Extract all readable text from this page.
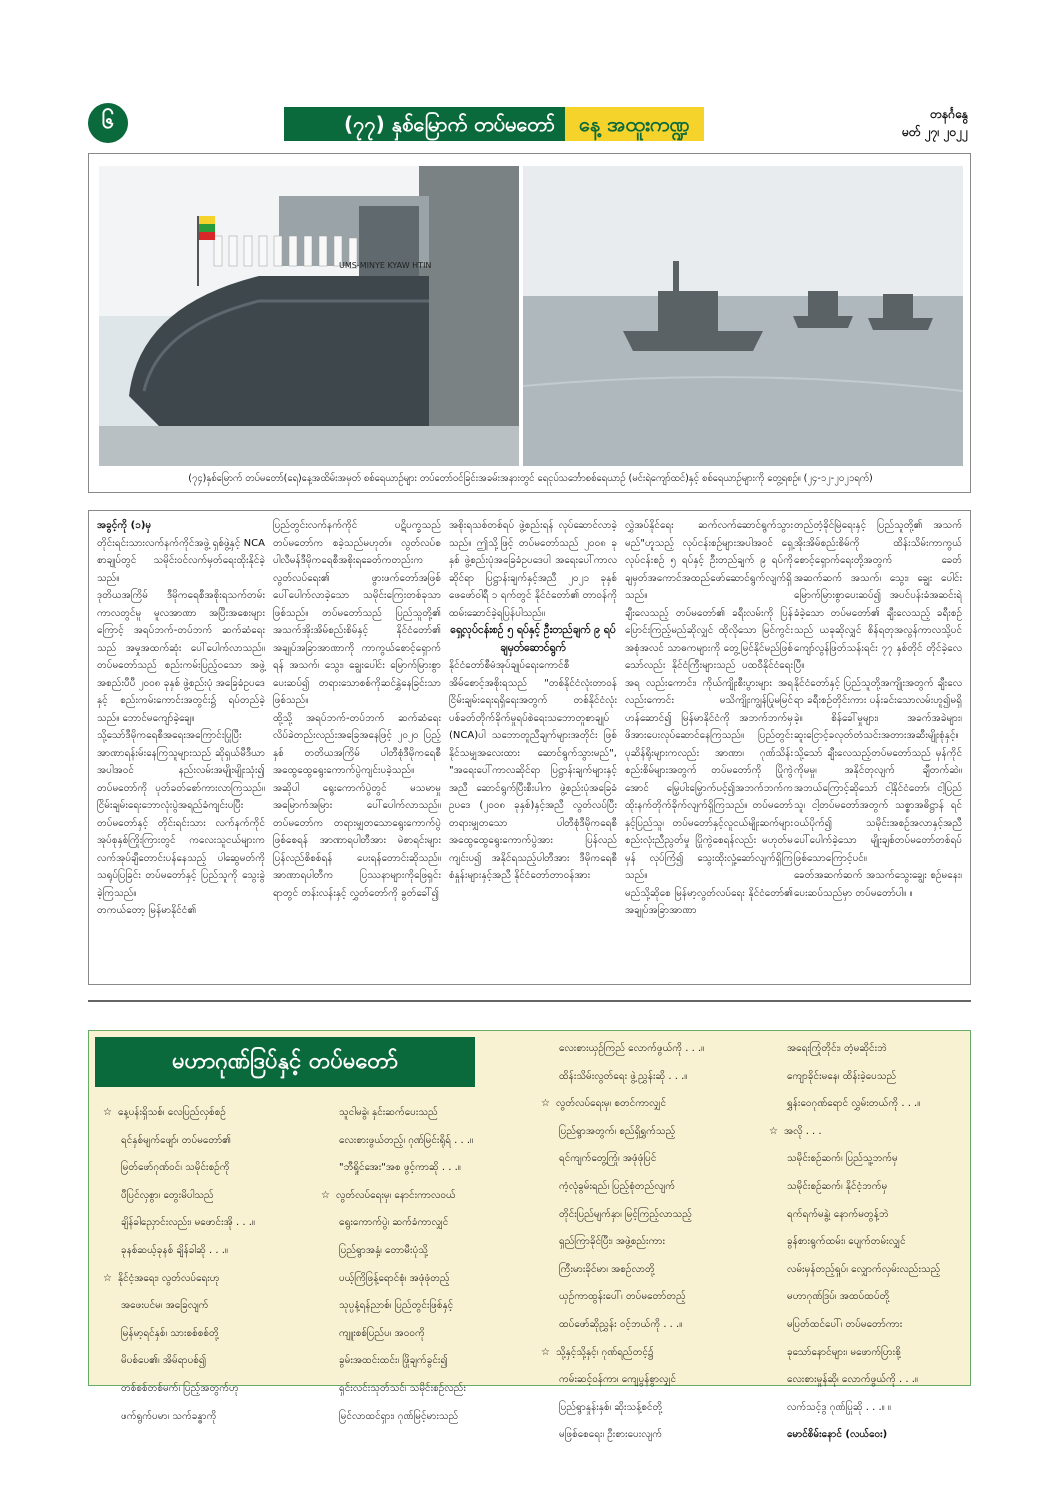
၆	(၇၇) နှစ်မြောက် တပ်မတော်	နေ့ အထူးကဏ္ဍ	တနင်္ဂနွေ
မတ် ၂၇၊ ၂၀၂၂
UMS-MINYE KYAW HTIN
(၇၄)နှစ်မြောက် တပ်မတော်(ရေ)နေ့အထိမ်းအမှတ် စစ်ရေယာဉ်များ တပ်တော်ဝင်ခြင်းအခမ်းအနားတွင် ရေငုပ်သင်္ဘောစစ်ရေယာဉ် (မင်းရဲကျော်ထင်)နှင့် စစ်ရေယာဉ်များကို တွေ့ရစဉ်။ (၂၄-၁၂-၂၀၂၁ရက်)

အခွင့်ကို (၁)မှ

တိုင်းရင်းသားလက်နက်ကိုင်အဖွဲ့ ရှစ်ဖွဲ့နှင့် NCA စာချုပ်တွင် သမိုင်းဝင်လက်မှတ်ရေးထိုးနိုင်ခဲ့သည်။

ဒုတိယအကြိမ် ဒီမိုကရေစီအစိုးရသက်တမ်းကာလတွင်မူ မူလအာဏာ အပြီးအစေးများကြောင့် အရပ်ဘက်-တပ်ဘက် ဆက်ဆံရေးသည် အမှုအထက်ဆုံး ပေါ်ပေါက်လာသည်။ တပ်မတော်သည် စည်းကမ်းပြည့်ဝသော အဖွဲ့အစည်းပီပီ ၂၀၀၈ ခုနှစ် ဖွဲ့စည်းပုံ အခြေခံဥပဒေနှင့် စည်းကမ်းကောင်းအတွင်း၌ ရပ်တည်ခဲ့သည်။ ဘောင်မကျော်ခဲ့ချေ။

သို့သော်ဒီမိုကရေစီအရေးအကြောင်းပြုပြီး အာဏာရန်းမ်းနေကြသူများသည် ဆိုရှယ်မီဒီယာအပါအဝင် နည်းလမ်းအမျိုးမျိုးသုံး၍ တပ်မတော်ကို ပုတ်ခတ်စော်ကားလာကြသည်။ ငြိမ်းချမ်းရေးဘောလုံးပွဲအရည်ခံကျင်းပပြီး တပ်မတော်နှင့် တိုင်းရင်းသား လက်နက်ကိုင်အုပ်စုနှစ်ကြိုးကြားတွင် ကလေးသူငယ်များက လက်အုပ်ချီတောင်းပန်နေသည့် ပါဆွေမတ်ကို သရုပ်ပြခြင်း တပ်မတော်နှင့် ပြည်သူကို သွေးခွဲခဲ့ကြသည်။

တကယ်တော့ မြန်မာနိုင်ငံ၏

ပြည်တွင်းလက်နက်ကိုင် ပဋိပက္ခသည် တပ်မတော်က စခဲ့သည်မဟုတ်။ လွတ်လပ်စ ပါလီမန်ဒီမိုကရေစီအစိုးရခေတ်ကတည်းက လွတ်လပ်ရေး၏ ဖွားဖက်တော်အဖြစ် ပေါ်ပေါက်လာခဲ့သော သမိုင်းကြေးတစ်ခုသာဖြစ်သည်။ တပ်မတော်သည် ပြည်သူတို့၏ အသက်အိုးအိမ်စည်းစိမ်နှင့် နိုင်ငံတော်၏ အချုပ်အခြာအာဏာကို ကာကွယ်စောင့်ရှောက်ရန် အသက်၊ သွေး၊ ချွေးပေါင်း မြောက်မြားစွာပေးဆပ်၍ တရားသောစစ်ကိုဆင်နွှဲနေခြင်းသာဖြစ်သည်။

ထို့သို့ အရပ်ဘက်-တပ်ဘက် ဆက်ဆံရေး လိပ်ခဲတည်းလည်းအခြေအနေဖြင့် ၂၀၂၀ ပြည့်နှစ် တတိယအကြိမ် ပါတီစုံဒီမိုကရေစီအထွေထွေရွေးကောက်ပွဲကျင်းပခဲ့သည်။ အဆိုပါ ရွေးကောက်ပွဲတွင် မသမာမှုအမြောက်အမြား ပေါ်ပေါက်လာသည်။ တပ်မတော်က တရားမျှတသောရွေးကောက်ပွဲဖြစ်စေရန် အာဏာရပါတီအား မဲစာရင်းများပြန်လည်စိစစ်ရန် ပေးရန်တောင်းဆိုသည်။ အာဏာရပါတီက ပြဿနာများကိုဖြေရှင်းရာတွင် တန်းလန်းနှင့် လွှတ်တော်ကို ခွတ်ခေါ်၍

အစိုးရသစ်တစ်ရပ် ဖွဲ့စည်းရန် လုပ်ဆောင်လာခဲ့သည်။ ဤသို့ဖြင့် တပ်မတော်သည် ၂၀၀၈ ခုနှစ် ဖွဲ့စည်းပုံအခြေခံဥပဒေပါ အရေးပေါ်ကာလဆိုင်ရာ ပြဋ္ဌာန်းချက်နှင့်အညီ ၂၀၂၁ ခုနှစ် ဖေဖော်ဝါရီ ၁ ရက်တွင် နိုင်ငံတော်၏ တာဝန်ကို ထမ်းဆောင်ခဲ့ရပြန်ပါသည်။

ရှေ့လုပ်ငန်းစဉ် ၅ ရပ်နှင့် ဦးတည်ချက် ၉ ရပ် ချမှတ်ဆောင်ရွက်

နိုင်ငံတော်စီမံအုပ်ချုပ်ရေးကောင်စီ အိမ်စောင့်အစိုးရသည် "တစ်နိုင်ငံလုံးတာဝန် ငြိမ်းချမ်းရေးရရှိရေးအတွက် တစ်နိုင်ငံလုံး ပစ်ခတ်တိုက်ခိုက်မှုရပ်စဲရေးသဘောတူစာချုပ် (NCA)ပါ သဘောတူညီချက်များအတိုင်း ဖြစ်နိုင်သမျှအလေးထား ဆောင်ရွက်သွားမည်", "အရေးပေါ်ကာလဆိုင်ရာ ပြဋ္ဌာန်းချက်များနှင့်အညီ ဆောင်ရွက်ပြီးစီးပါက ဖွဲ့စည်းပုံအခြေခံဥပဒေ (၂၀၀၈ ခုနှစ်)နှင့်အညီ လွတ်လပ်ပြီး တရားမျှတသော ပါတီစုံဒီမိုကရေစီ အထွေထွေရွေးကောက်ပွဲအား ပြန်လည်ကျင်းပ၍ အနိုင်ရသည့်ပါတီအား ဒီမိုကရေစီစံနှုန်းများနှင့်အညီ နိုင်ငံတော်တာဝန်အား

လွှဲအပ်နိုင်ရေး ဆက်လက်ဆောင်ရွက်သွားမည်"ဟူသည့် လုပ်ငန်းစဉ်များအပါအဝင် ရှေ့လုပ်ငန်းစဉ် ၅ ရပ်နှင့် ဦးတည်ချက် ၉ ရပ်ကို ချမှတ်အကောင်အထည်ဖော်ဆောင်ရွက်လျက်ရှိသည်။

ချီးလေသည့် တပ်မတော်၏ ခရီးလမ်းကို ပြန်ပြောင်းကြည့်မည်ဆိုလျှင် ထိုလိုသော မြင်ကွင်းအစုံအလင် သာဓကများကို တွေ့မြင်နိုင်မည်ဖြစ်သော်လည်း နိုင်ငံကြီးများသည် ပထဝီနိုင်ငံရေးအရ လည်းကောင်း၊ ကိုယ်ကျိုးစီးပွားများ အရလည်းကောင်း မသိကျိုးကျွန်ပြုမမြင်ဟန်ဆောင်၍ မြန်မာနိုင်ငံကို အဘက်ဘက်မှ ဖိအားပေးလုပ်ဆောင်နေကြသည်။ ပြည်တွင်းပုဆိန်ရိုးများကလည်း အာဏာ၊ ဂုဏ်သိန်းစည်းစိမ်များအတွက် တပ်မတော်ကို ပြိုကွဲအောင် မြှေပါးမြှောက်ပင့်၍အဘက်ဘက်က ထိုးနက်တိုက်ခိုက်လျက်ရှိကြသည်။ တပ်မတော်နှင့်ပြည်သူ၊ တပ်မတော်နှင့်လူငယ်မျိုးဆက်များ စည်းလုံးညီညွတ်မှု ပြိုကွဲစေရန်လည်း မဟုတ်မမှန် လုပ်ကြံ၍ သွေးထိုးလှုံ့ဆော်လျက်ရှိကြသည်။

မည်သို့ဆိုစေ မြန်မာ့လွတ်လပ်ရေး နိုင်ငံတော်၏ အချုပ်အခြာအာဏာ

တည်တံ့ခိုင်မြဲရေးနှင့် ပြည်သူတို့၏ အသက်အိုးအိမ်စည်းစိမ်ကို ထိန်းသိမ်းကာကွယ်စောင့်ရှောက်ရေးတို့အတွက် ခေတ်အဆက်ဆက် အသက်၊ သွေး၊ ချွေး ပေါင်း မြောက်မြားစွာပေးဆပ်၍ အပင်ပန်းခံအဆင်းရဲခံခဲ့သော တပ်မတော်၏ ချီးလေသည့် ခရီးစဉ်သည် ယခုဆိုလျှင် စိန်ရတုအလွန်ကာလသို့ပင် ကျော်လွန်ဖြတ်သန်းရင်း ၇၇ နှစ်တိုင် တိုင်ခဲ့လေပြီ။

နိုင်ငံတော်နှင့် ပြည်သူတို့အကျိုးအတွက် ချီးလေရာ ခရီးစဉ်တိုင်းကား ပန်းခင်းသောလမ်းဟူ၍မရှိခဲ့။ စိန်ခေါ်မှုများ၊ အခက်အခဲများ၊ ဆူးငြောင့်ခလုတ်တံသင်းအတားအဆီးမျိုးစုံနှင့်။ သို့သော် ချီးလေသည့်တပ်မတော်သည် မှန်ကိုင်ကိုမမှု၊ အနိုင်တုလျက် ချီတက်ဆဲ။ အဘယ်ကြောင့်ဆိုသော် ငါ့နိုင်ငံတော်၊ ငါ့ပြည်သူ၊ ငါ့တပ်မတော်အတွက် သစ္စာအဓိဋ္ဌာန် ရင်ဝယ်ပိုက်၍ သမိုင်းအစဉ်အလာနှင့်အညီ ပေါ်ပေါက်ခဲ့သော မျိုးချစ်တပ်မတော်တစ်ရပ် ဖြစ်သောကြောင့်ပင်။

ခေတ်အဆက်ဆက် အသက်သွေးချွေး စဉ်မနေး၊ ပေးဆပ်သည်မှာ တပ်မတော်ပါ။ ။

မဟာဂုဏ်ဒြပ်နှင့် တပ်မတော်
☆ နေ့ပန်းရှိသစ်၊ လေပြည်လှစ်စဉ်
ရင်နှစ်မျက်ဖျော်၊ တပ်မတော်၏
မြတ်ဖော်ဂုဏ်ဝင်၊ သမိုင်းစဉ်ကို
ပီပြင်လှစွာ၊ တွေးမိပါသည်
ချိန်ခါညှောင်းလည်း၊ မဖောင်းအို . . .။
ခုနစ်ဆယ့်ခုနစ် ချိန်ခါဆို . . .။
☆ နိုင်ငံ့အရေး၊ လွတ်လပ်ရေးဟု
အဖေးပင်မ၊ အခြေလျက်
မြန်မာ့ရင်နှစ်၊ သားစစ်စစ်တို့
မိပစ်ပေ၏၊ အိမ်ရာပစ်၍
တစ်စစ်တစ်မက်၊ ပြည့်အတွက်ဟု
ဖက်ရွက်ပမာ၊ သက်ခန္ဓာကို
သူငါမခွဲ၊ နှင်းဆက်ပေးသည်
လေးစားဖွယ်တည့်၊ ဂုဏ်မြင်းရိုရ် . . .။
"ဘီရှိုင်အေး"အစ ဖွင့်ကာဆို . . .။
☆ လွတ်လပ်ရေးမှ၊ နောင်းကာလဝယ်
ရွေးကောက်ပွဲ၊ ဆက်ခံကာလျှင်
ပြည်ရွာအနှံ့၊ တောမီးပုံသို့
ပယ့်ကြိဖြန့်ရောင်စုံ၊ အဖုံဖုံတည့်
သုပ္ပနံ့ရန်ညာစ်၊ ပြည်တွင်းဖြစ်နှင့်
ကျူးစစ်ပြည်ပ၊ အဝဝကို
ခွမ်းအထင်းထင်း၊ ဖြိုချက်ခွင်း၍
ရှင်းလင်းသုတ်သင်၊ သမိုင်းစဉ်လည်း
မြင်လာထင်ရှား၊ ဂုဏ်မြင့်မားသည်
လေးစားယှဉ်ကြည် လောက်ဖွယ်ကို . . .။
ထိန်းသိမ်းလွတ်ရေး ဖွဲ့ညွှန်းဆို . . .။
☆ လွတ်လပ်ရေးမှ၊ စတင်ကာလျှင်
ပြည်ရွာအတွက်၊ စည်ရှိရွှက်သည့်
ရင်ကျက်တွေ့ကြုံ၊ အဖုံဖုံပြင်
ကံ့လုံခွမ်းရည်၊ ပြည့်စုံတည်လျက်
တိုင်းပြည်မျက်နှာ၊ မြင့်ကြည့်လာသည့်
ရှည်ကြာခိုင်ပြီး၊ အဖွဲ့စည်းကား
ကြီးမားခိုင်မာ၊ အစဉ်လာတို့
ယှဉ်ကာထွန်းပေါ်၊ တပ်မတော်တည့်
ထပ်ဖော်ဆိုညွှန်း ဝင့်ဘယ်ကို . . .။
☆ သို့နှင့်သို့နှင့်၊ ဂုဏ်ရည်တင့်၌
ကမ်းဆင့်ဝန်ကာ၊ ကျေပွန်စွာလျှင်
ပြည်ရွာနှုန်းနှစ်၊ ဆိုးသန့်စင်တို့
မဖြစ်စေရေး၊ ဦးစားပေးလျက်
အရေးကြုံတိုင်း၊ တံ့မဆိုင်းဘဲ
ကျောခိုင်းမနေ၊ ထိန်းခဲ့ပေသည်
ရွှန်းဝေဂုဏ်ရောင် လွှမ်းတယ်ကို . . .။
☆ အလို . . .
သမိုင်းစဉ်ဆက်၊ ပြည်သူ့ဘက်မှ
သမိုင်းစဉ်ဆက်၊ နိုင်ငံ့ဘက်မှ
ရက်ရက်မနွဲ့၊ နောက်မတွန့်ဘဲ
ခွန်စားရွက်ထမ်း၊ ပျေက်တမ်းလျှင်
လမ်းမှန်တည့်ရှုပ်၊ လျှောက်လှမ်းလည်းသည့်
မဟာဂုဏ်ဒြပ်၊ အထပ်ထပ်တို့
မပြတ်ထင်ပေါ်၊ တပ်မတော်ကား
ခုသော်နောင်များ၊ မဖောက်ပြားစို့
လေးစားမှုန်ဆို၊ လောက်ဖွယ်ကို . . .။
လက်သင့်ဒွ ဂုဏ်ပြုဆို . . .။ ။
မောင်စိမ်းနောင် (လယ်ဝေး)
